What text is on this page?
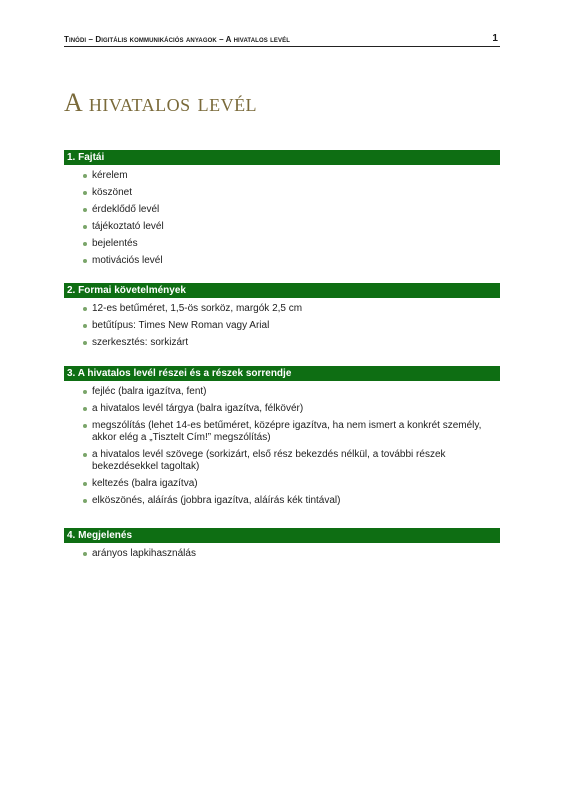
Tinódi – Digitális kommunikációs anyagok – A hivatalos levél	1
A hivatalos levél
1. Fajtái
kérelem
köszönet
érdeklődő levél
tájékoztató levél
bejelentés
motivációs levél
2. Formai követelmények
12-es betűméret, 1,5-ös sorköz, margók 2,5 cm
betűtípus: Times New Roman vagy Arial
szerkesztés: sorkizárt
3. A hivatalos levél részei és a részek sorrendje
fejléc (balra igazítva, fent)
a hivatalos levél tárgya (balra igazítva, félkövér)
megszólítás (lehet 14-es betűméret, középre igazítva, ha nem ismert a konkrét személy, akkor elég a „Tisztelt Cím!” megszólítás)
a hivatalos levél szövege (sorkizárt, első rész bekezdés nélkül, a további részek bekezdésekkel tagoltak)
keltezés (balra igazítva)
elköszönés, aláírás (jobbra igazítva, aláírás kék tintával)
4. Megjelenés
arányos lapkihasználás
